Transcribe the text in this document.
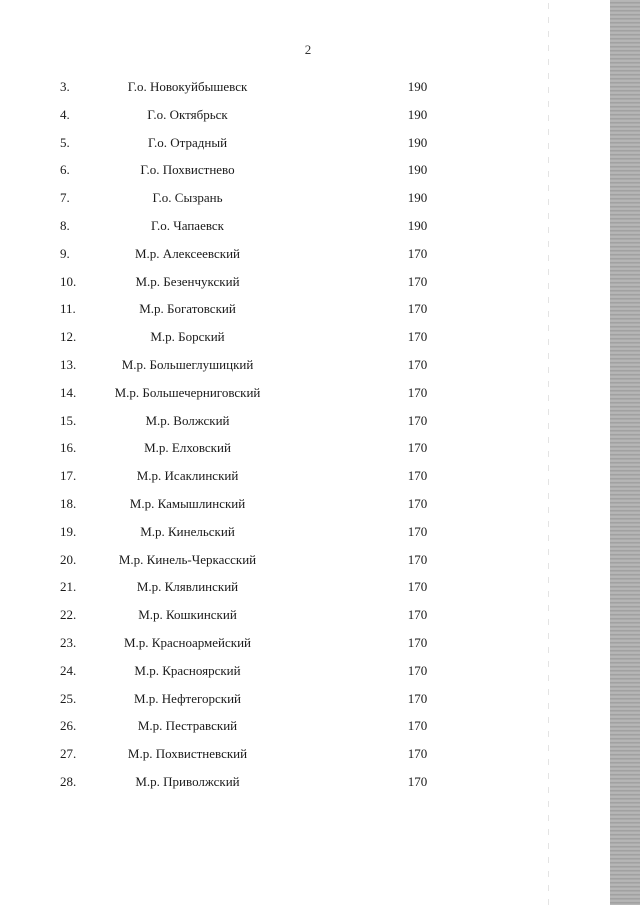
2
3.	Г.о. Новокуйбышевск	190
4.	Г.о. Октябрьск	190
5.	Г.о. Отрадный	190
6.	Г.о. Похвистнево	190
7.	Г.о. Сызрань	190
8.	Г.о. Чапаевск	190
9.	М.р. Алексеевский	170
10.	М.р. Безенчукский	170
11.	М.р. Богатовский	170
12.	М.р. Борский	170
13.	М.р. Большеглушицкий	170
14.	М.р. Большечерниговский	170
15.	М.р. Волжский	170
16.	М.р. Елховский	170
17.	М.р. Исаклинский	170
18.	М.р. Камышлинский	170
19.	М.р. Кинельский	170
20.	М.р. Кинель-Черкасский	170
21.	М.р. Клявлинский	170
22.	М.р. Кошкинский	170
23.	М.р. Красноармейский	170
24.	М.р. Красноярский	170
25.	М.р. Нефтегорский	170
26.	М.р. Пестравский	170
27.	М.р. Похвистневский	170
28.	М.р. Приволжский	170
